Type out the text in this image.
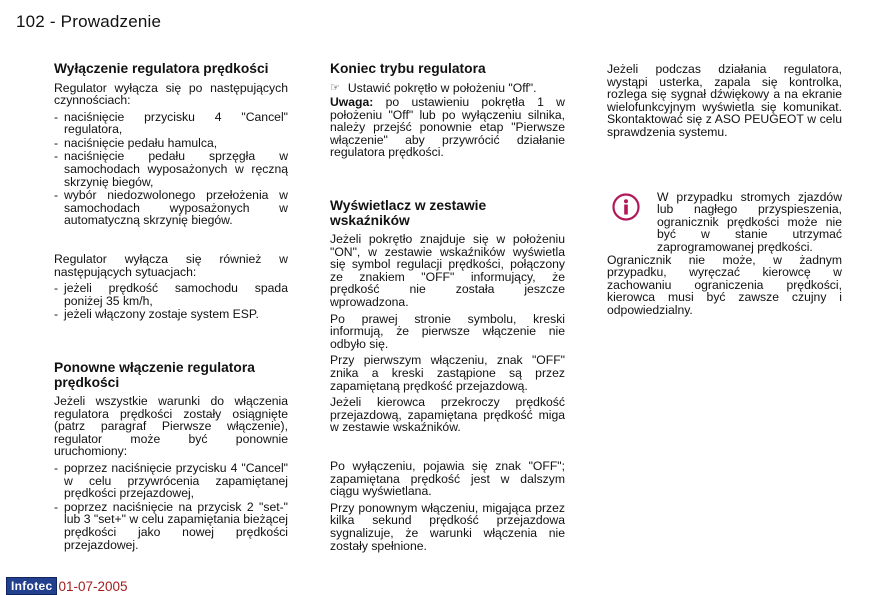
102 - Prowadzenie
Wyłączenie regulatora prędkości

Regulator wyłącza się po następujących czynnościach:

- naciśnięcie przycisku 4 "Cancel" regulatora,
- naciśnięcie pedału hamulca,
- naciśnięcie pedału sprzęgła w samochodach wyposażonych w ręczną skrzynię biegów,
- wybór niedozwolonego przełożenia w samochodach wyposażonych w automatyczną skrzynię biegów.

Regulator wyłącza się również w następujących sytuacjach:

- jeżeli prędkość samochodu spada poniżej 35 km/h,
- jeżeli włączony zostaje system ESP.
Ponowne włączenie regulatora prędkości

Jeżeli wszystkie warunki do włączenia regulatora prędkości zostały osiągnięte (patrz paragraf Pierwsze włączenie), regulator może być ponownie uruchomiony:

- poprzez naciśnięcie przycisku 4 "Cancel" w celu przywrócenia zapamiętanej prędkości przejazdowej,
- poprzez naciśnięcie na przycisk 2 "set-" lub 3 "set+" w celu zapamiętania bieżącej prędkości jako nowej prędkości przejazdowej.
Koniec trybu regulatora
☞ Ustawić pokrętło w położeniu "Off".

Uwaga: po ustawieniu pokrętła 1 w położeniu "Off" lub po wyłączeniu silnika, należy przejść ponownie etap "Pierwsze włączenie" aby przywrócić działanie regulatora prędkości.

Wyświetlacz w zestawie wskaźników

Jeżeli pokrętło znajduje się w położeniu "ON", w zestawie wskaźników wyświetla się symbol regulacji prędkości, połączony ze znakiem "OFF" informujący, że prędkość nie została jeszcze wprowadzona.

Po prawej stronie symbolu, kreski informują, że pierwsze włączenie nie odbyło się.

Przy pierwszym włączeniu, znak "OFF" znika a kreski zastąpione są przez zapamiętaną prędkość przejazdową.

Jeżeli kierowca przekroczy prędkość przejazdową, zapamiętana prędkość miga w zestawie wskaźników.

Po wyłączeniu, pojawia się znak "OFF"; zapamiętana prędkość jest w dalszym ciągu wyświetlana.

Przy ponownym włączeniu, migająca przez kilka sekund prędkość przejazdowa sygnalizuje, że warunki włączenia nie zostały spełnione.

Jeżeli podczas działania regulatora, wystąpi usterka, zapala się kontrolka, rozlega się sygnał dźwiękowy a na ekranie wielofunkcyjnym wyświetla się komunikat. Skontaktować się z ASO PEUGEOT w celu sprawdzenia systemu.

W przypadku stromych zjazdów lub nagłego przyspieszenia, ogranicznik prędkości może nie być w stanie utrzymać zaprogramowanej prędkości.

Ogranicznik nie może, w żadnym przypadku, wyręczać kierowcę w zachowaniu ograniczenia prędkości, kierowca musi być zawsze czujny i odpowiedzialny.

Infotec 01-07-2005
